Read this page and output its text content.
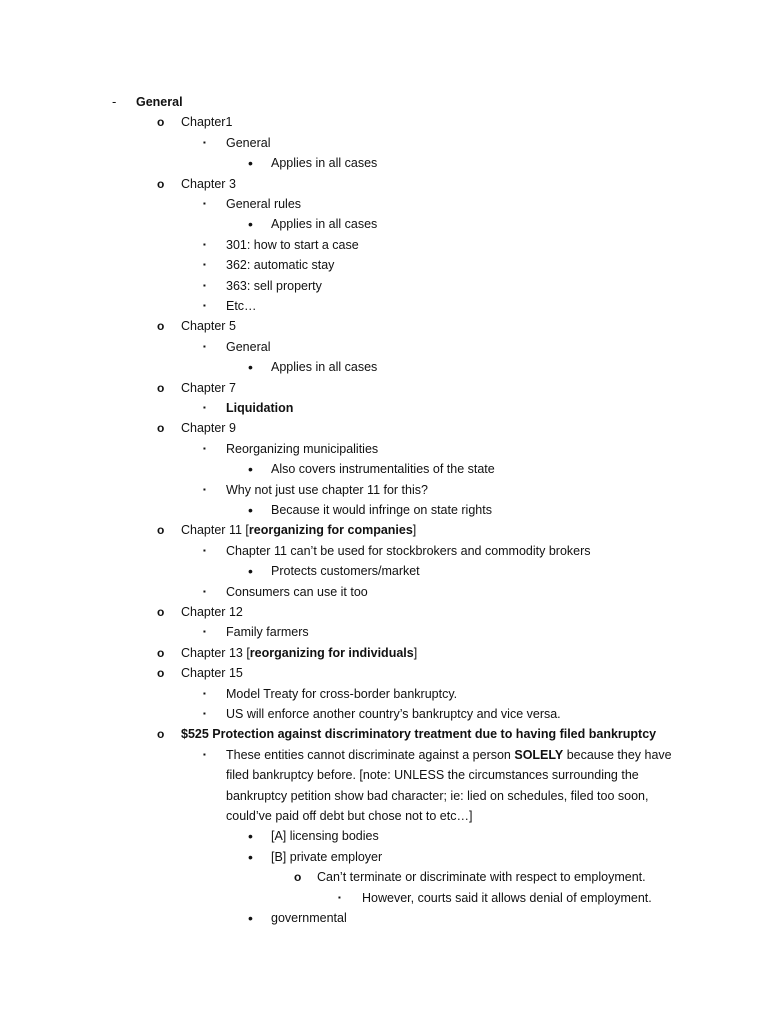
- General
o Chapter1
▪ General
• Applies in all cases
o Chapter 3
▪ General rules
• Applies in all cases
▪ 301: how to start a case
▪ 362: automatic stay
▪ 363: sell property
▪ Etc…
o Chapter 5
▪ General
• Applies in all cases
o Chapter 7
▪ Liquidation
o Chapter 9
▪ Reorganizing municipalities
• Also covers instrumentalities of the state
▪ Why not just use chapter 11 for this?
• Because it would infringe on state rights
o Chapter 11 [reorganizing for companies]
▪ Chapter 11 can’t be used for stockbrokers and commodity brokers
• Protects customers/market
▪ Consumers can use it too
o Chapter 12
▪ Family farmers
o Chapter 13 [reorganizing for individuals]
o Chapter 15
▪ Model Treaty for cross-border bankruptcy.
▪ US will enforce another country’s bankruptcy and vice versa.
o $525 Protection against discriminatory treatment due to having filed bankruptcy
▪ These entities cannot discriminate against a person SOLELY because they have
filed bankruptcy before. [note: UNLESS the circumstances surrounding the
bankruptcy petition show bad character; ie: lied on schedules, filed too soon,
could’ve paid off debt but chose not to etc…]
• [A] licensing bodies
• [B] private employer
o Can’t terminate or discriminate with respect to employment.
▪ However, courts said it allows denial of employment.
• governmental
